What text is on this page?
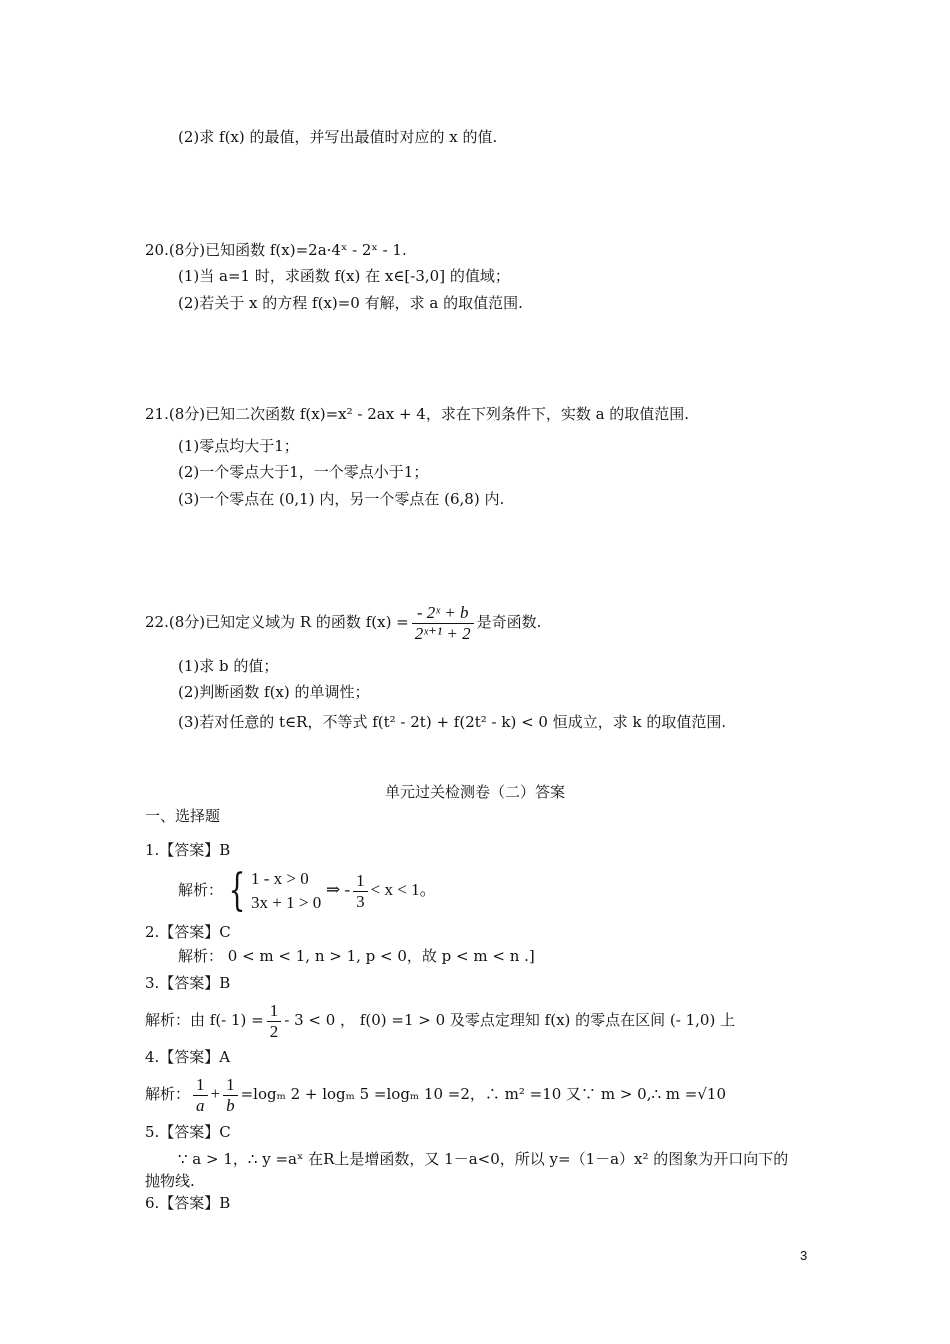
(2)求 f(x) 的最值，并写出最值时对应的 x 的值.
20.(8分)已知函数 f(x)=2a·4ˣ - 2ˣ - 1.
(1)当 a=1 时，求函数 f(x) 在 x∈[-3,0] 的值域；
(2)若关于 x 的方程 f(x)=0 有解，求 a 的取值范围.
21.(8分)已知二次函数 f(x)=x² - 2ax + 4，求在下列条件下，实数 a 的取值范围.
(1)零点均大于1；
(2)一个零点大于1，一个零点小于1；
(3)一个零点在 (0,1) 内，另一个零点在 (6,8) 内.
22.(8分)已知定义域为 R 的函数 $f(x) = \frac{\text{- 2ˣ + b}}{\text{2ˣ⁺¹ + 2}}$ 是奇函数.
(1)求 b 的值；
(2)判断函数 f(x) 的单调性；
(3)若对任意的 t∈R，不等式 f(t² - 2t) + f(2t² - k) < 0 恒成立，求 k 的取值范围.
单元过关检测卷（二）答案
一、选择题
1.【答案】B
解析： { 1 - x > 0
3x + 1 > 0
⇒ - $\frac{1}{3} < x < 1$。
2.【答案】C
解析： 0 < m < 1, n > 1, p < 0，故 p < m < n .]
3.【答案】B
解析：由 f(- $1) = \frac{1}{2} - 3 < 0$ ， f(0) =1 > 0 及零点定理知 f(x) 的零点在区间 (- 1,0) 上
4.【答案】A
解析： $\frac{1}{a} + \frac{1}{b} =\log_m$ 2 + logₘ 5 =logₘ 10 =2，∴ m² =10 又∵ m > 0,∴ m =√10
5.【答案】C
∵ a > 1，∴ y =aˣ 在R上是增函数，又 1－a<0，所以 y=（1－a）x² 的图象为开口向下的
抛物线.
6.【答案】B
3
